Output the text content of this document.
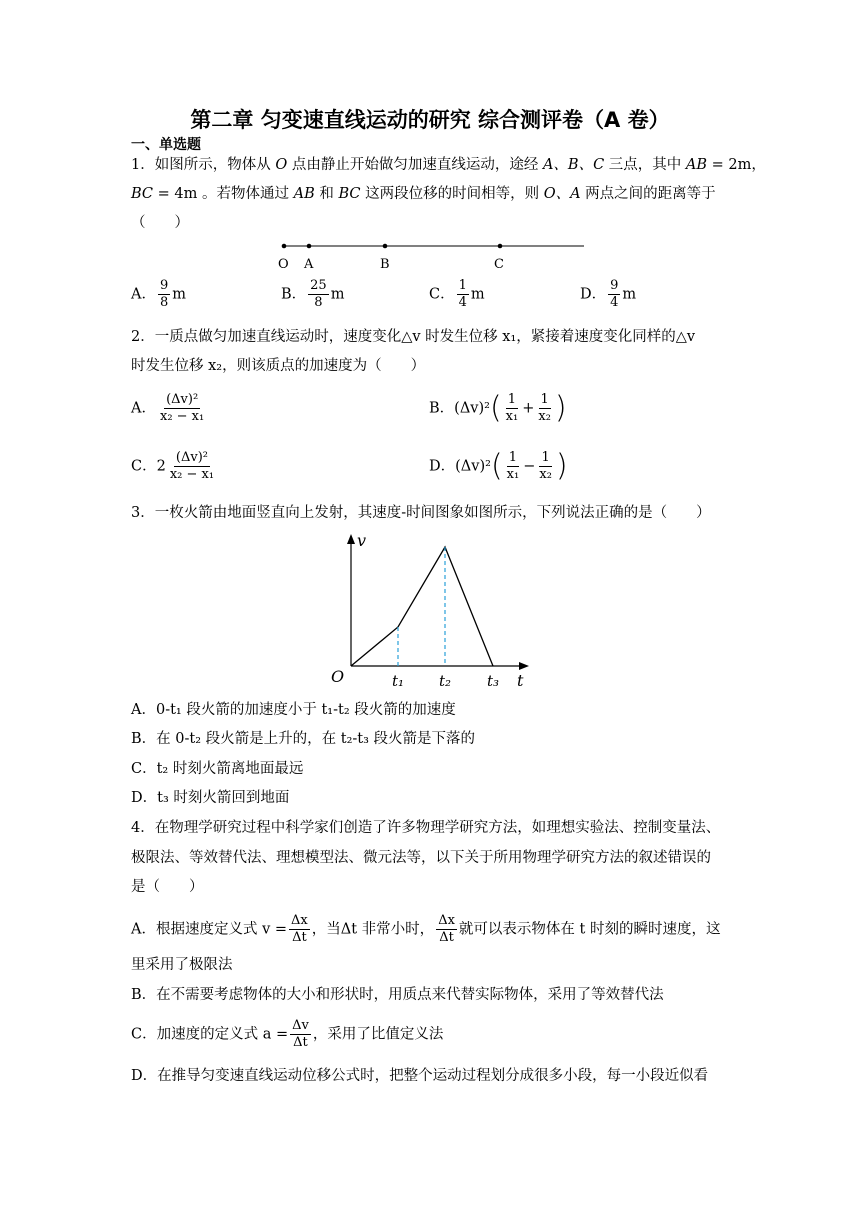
第二章 匀变速直线运动的研究 综合测评卷（A 卷）
一、单选题
1．如图所示，物体从 O 点由静止开始做匀加速直线运动，途经 A、B、C 三点，其中 AB = 2m，
BC = 4m 。若物体通过 AB 和 BC 这两段位移的时间相等，则 O、A 两点之间的距离等于
（　　）
O A	B	C
A． $\frac{9}{8}$ m	B． $\frac{25}{8}$ m	C． $\frac{1}{4}$ m	D． $\frac{9}{4}$ m
2．一质点做匀加速直线运动时，速度变化△v 时发生位移 x₁，紧接着速度变化同样的△v
时发生位移 x₂，则该质点的加速度为（　　）
A． $\frac{\text{(Δv)²}}{\text{x₂ − x₁}}$	B．$(\Delta v)^2( \frac{1}{\text{x₁}} + \frac{1}{\text{x₂}}$ )
C．$2 \frac{\text{(Δv)²}}{\text{x₂ − x₁}}$	D．$(\Delta v)^2( \frac{1}{\text{x₁}} - \frac{1}{\text{x₂}}$ )
3．一枚火箭由地面竖直向上发射，其速度-时间图象如图所示，下列说法正确的是（　　）
v
O	t
t₁ t₂ t₃
A．0-t₁ 段火箭的加速度小于 t₁-t₂ 段火箭的加速度
B．在 0-t₂ 段火箭是上升的，在 t₂-t₃ 段火箭是下落的
C．t₂ 时刻火箭离地面最远
D．t₃ 时刻火箭回到地面
4．在物理学研究过程中科学家们创造了许多物理学研究方法，如理想实验法、控制变量法、
极限法、等效替代法、理想模型法、微元法等，以下关于所用物理学研究方法的叙述错误的
是（　　）
A．根据速度定义式 $v = \frac{\Delta x}{\Delta t}$ ，当Δt 非常小时， $\frac{\Delta x}{\Delta t}$ 就可以表示物体在 t 时刻的瞬时速度，这
里采用了极限法
B．在不需要考虑物体的大小和形状时，用质点来代替实际物体，采用了等效替代法
C．加速度的定义式 $a = \frac{\Delta v}{\Delta t}$ ，采用了比值定义法
D．在推导匀变速直线运动位移公式时，把整个运动过程划分成很多小段，每一小段近似看
